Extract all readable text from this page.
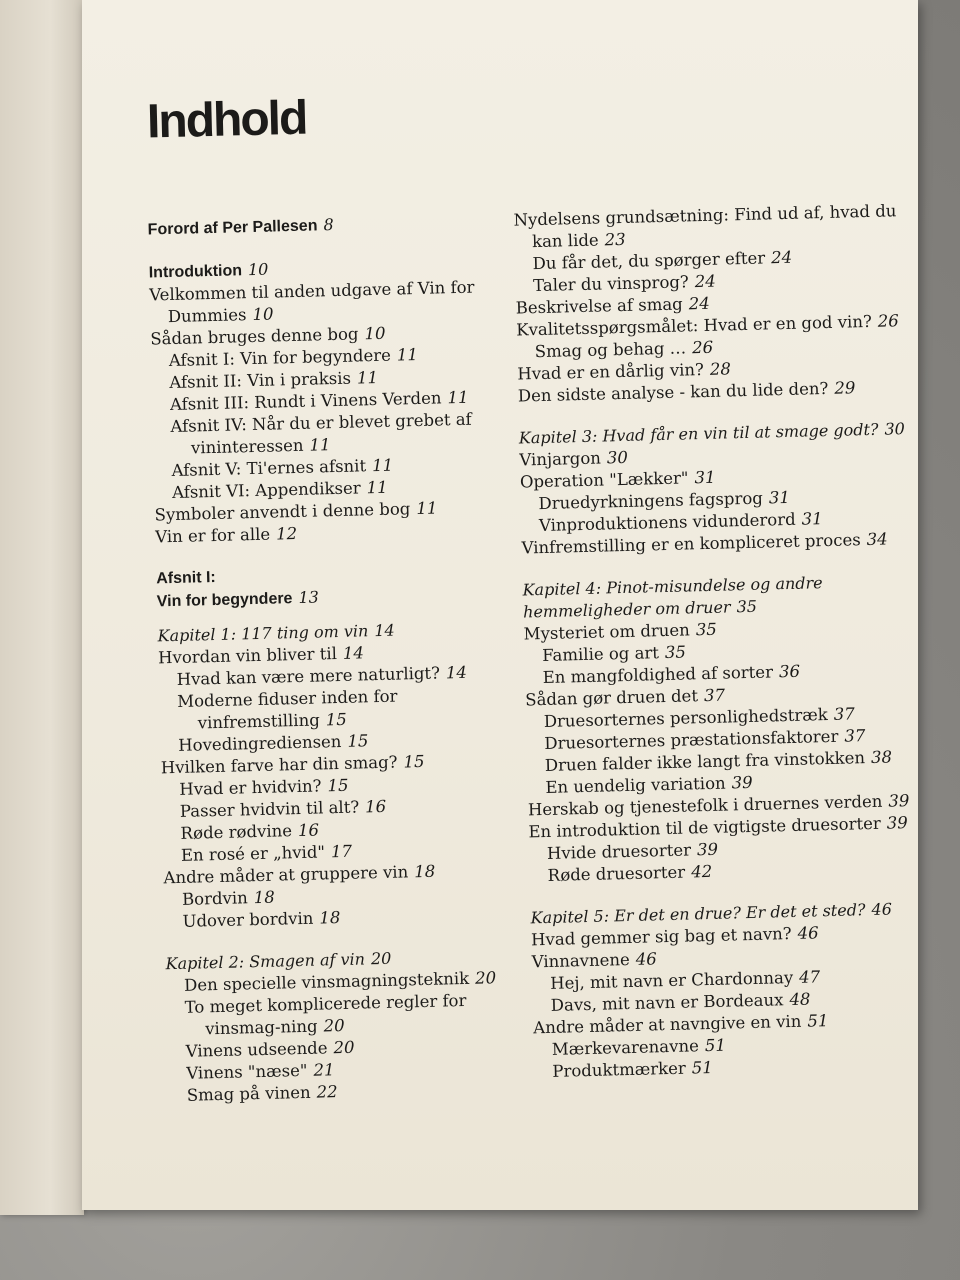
Indhold

Forord af Per Pallesen 8

Introduktion 10

Velkommen til anden udgave af Vin for Dummies 10

Sådan bruges denne bog 10

Afsnit I: Vin for begyndere 11

Afsnit II: Vin i praksis 11

Afsnit III: Rundt i Vinens Verden 11

Afsnit IV: Når du er blevet grebet af vininteressen 11

Afsnit V: Ti'ernes afsnit 11

Afsnit VI: Appendikser 11

Symboler anvendt i denne bog 11

Vin er for alle 12

Afsnit I:

Vin for begyndere 13

Kapitel 1: 117 ting om vin 14

Hvordan vin bliver til 14

Hvad kan være mere naturligt? 14

Moderne fiduser inden for vinfremstilling 15

Hovedingrediensen 15

Hvilken farve har din smag? 15

Hvad er hvidvin? 15

Passer hvidvin til alt? 16

Røde rødvine 16

En rosé er „hvid" 17

Andre måder at gruppere vin 18

Bordvin 18

Udover bordvin 18

Kapitel 2: Smagen af vin 20

Den specielle vinsmagningsteknik 20

To meget komplicerede regler for vinsmag-ning 20

Vinens udseende 20

Vinens "næse" 21

Smag på vinen 22

Nydelsens grundsætning: Find ud af, hvad du kan lide 23

Du får det, du spørger efter 24

Taler du vinsprog? 24

Beskrivelse af smag 24

Kvalitetsspørgsmålet: Hvad er en god vin? 26

Smag og behag … 26

Hvad er en dårlig vin? 28

Den sidste analyse - kan du lide den? 29

Kapitel 3: Hvad får en vin til at smage godt? 30

Vinjargon 30

Operation "Lækker" 31

Druedyrkningens fagsprog 31

Vinproduktionens vidunderord 31

Vinfremstilling er en kompliceret proces 34

Kapitel 4: Pinot-misundelse og andre hemmeligheder om druer 35

Mysteriet om druen 35

Familie og art 35

En mangfoldighed af sorter 36

Sådan gør druen det 37

Druesorternes personlighedstræk 37

Druesorternes præstationsfaktorer 37

Druen falder ikke langt fra vinstokken 38

En uendelig variation 39

Herskab og tjenestefolk i druernes verden 39

En introduktion til de vigtigste druesorter 39

Hvide druesorter 39

Røde druesorter 42

Kapitel 5: Er det en drue? Er det et sted? 46

Hvad gemmer sig bag et navn? 46

Vinnavnene 46

Hej, mit navn er Chardonnay 47

Davs, mit navn er Bordeaux 48

Andre måder at navngive en vin 51

Mærkevarenavne 51

Produktmærker 51
